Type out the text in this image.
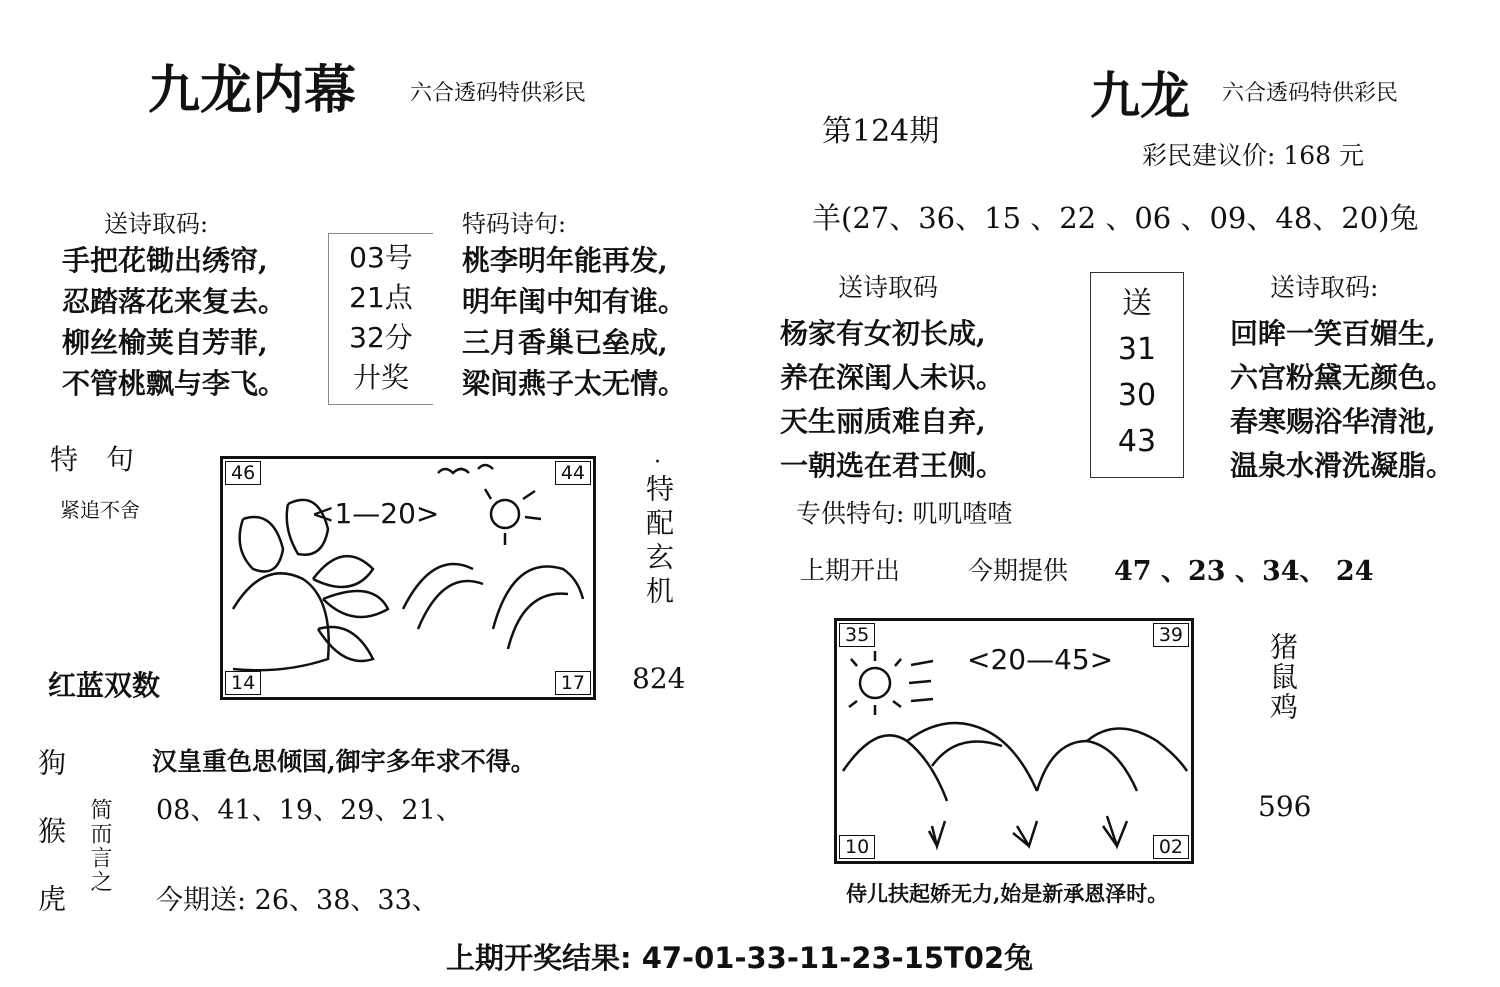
九龙内幕 六合透码特供彩民
送诗取码:
手把花锄出绣帘,
忍踏落花来复去。
柳丝榆荚自芳菲,
不管桃飘与李飞。
03号
21点
32分
廾奖
特码诗句:
桃李明年能再发,
明年闺中知有谁。
三月香巢已垒成,
梁间燕子太无情。
特　句
紧追不舍
红蓝双数
<1—20>
46	44
14	17
·
特配玄机
824
狗猴虎
简而言之
汉皇重色思倾国,御宇多年求不得。
08、41、19、29、21、
今期送: 26、38、33、
第124期
九龙 六合透码特供彩民
彩民建议价: 168 元
羊(27、36、15 、22 、06 、09、48、20)兔
送诗取码
杨家有女初长成,
养在深闺人未识。
天生丽质难自弃,
一朝选在君王侧。
送
31
30
43
送诗取码:
回眸一笑百媚生,
六宫粉黛无颜色。
春寒赐浴华清池,
温泉水滑洗凝脂。
专供特句: 叽叽喳喳
上期开出	今期提供 47 、23 、34、 24
<20—45>
35	39
10	02
猪鼠鸡
596
侍儿扶起娇无力,始是新承恩泽时。
上期开奖结果: 47-01-33-11-23-15T02兔
